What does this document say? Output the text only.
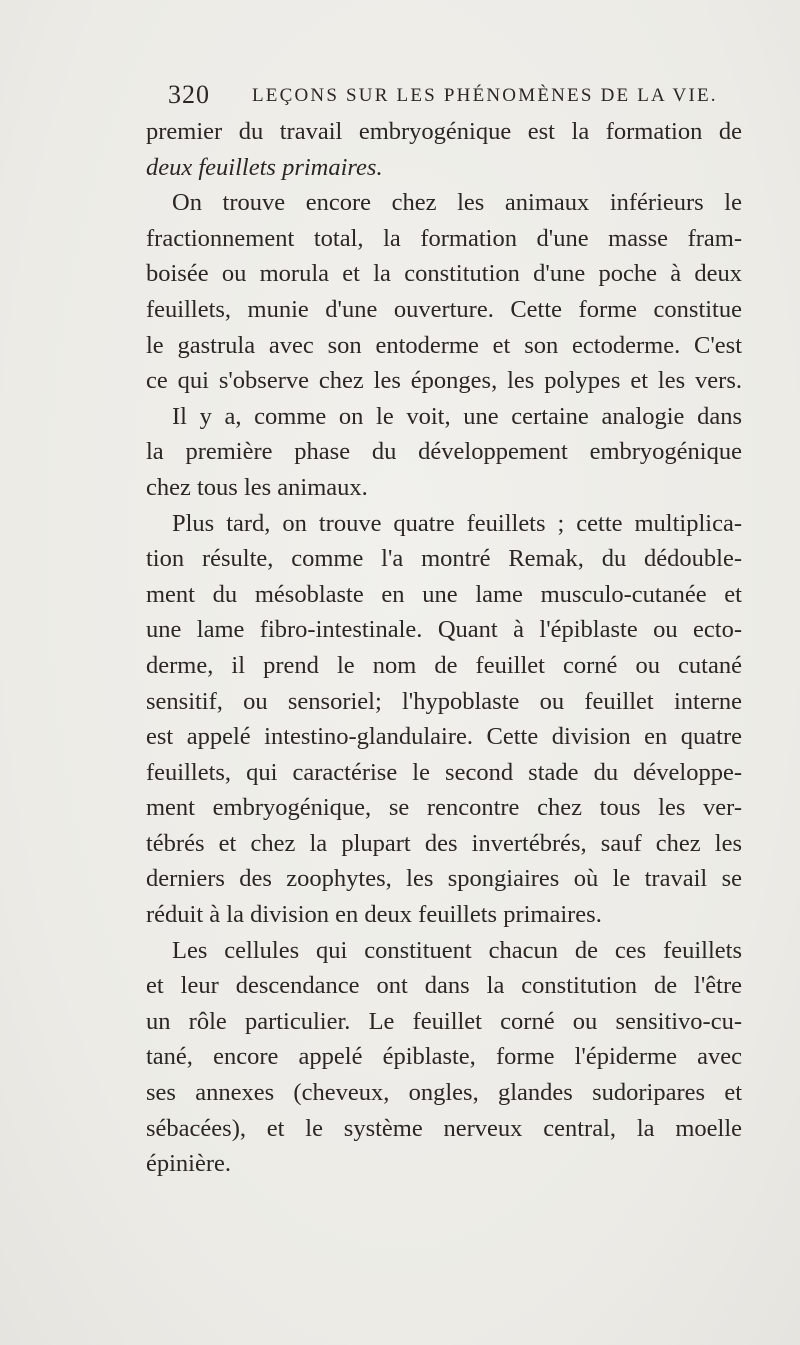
320 LEÇONS SUR LES PHÉNOMÈNES DE LA VIE.
premier du travail embryogénique est la formation de
deux feuillets primaires.
On trouve encore chez les animaux inférieurs le
fractionnement total, la formation d'une masse fram-
boisée ou morula et la constitution d'une poche à deux
feuillets, munie d'une ouverture. Cette forme constitue
le gastrula avec son entoderme et son ectoderme. C'est
ce qui s'observe chez les éponges, les polypes et les vers.
Il y a, comme on le voit, une certaine analogie dans
la première phase du développement embryogénique
chez tous les animaux.
Plus tard, on trouve quatre feuillets ; cette multiplica-
tion résulte, comme l'a montré Remak, du dédouble-
ment du mésoblaste en une lame musculo-cutanée et
une lame fibro-intestinale. Quant à l'épiblaste ou ecto-
derme, il prend le nom de feuillet corné ou cutané
sensitif, ou sensoriel; l'hypoblaste ou feuillet interne
est appelé intestino-glandulaire. Cette division en quatre
feuillets, qui caractérise le second stade du développe-
ment embryogénique, se rencontre chez tous les ver-
tébrés et chez la plupart des invertébrés, sauf chez les
derniers des zoophytes, les spongiaires où le travail se
réduit à la division en deux feuillets primaires.
Les cellules qui constituent chacun de ces feuillets
et leur descendance ont dans la constitution de l'être
un rôle particulier. Le feuillet corné ou sensitivo-cu-
tané, encore appelé épiblaste, forme l'épiderme avec
ses annexes (cheveux, ongles, glandes sudoripares et
sébacées), et le système nerveux central, la moelle
épinière.
